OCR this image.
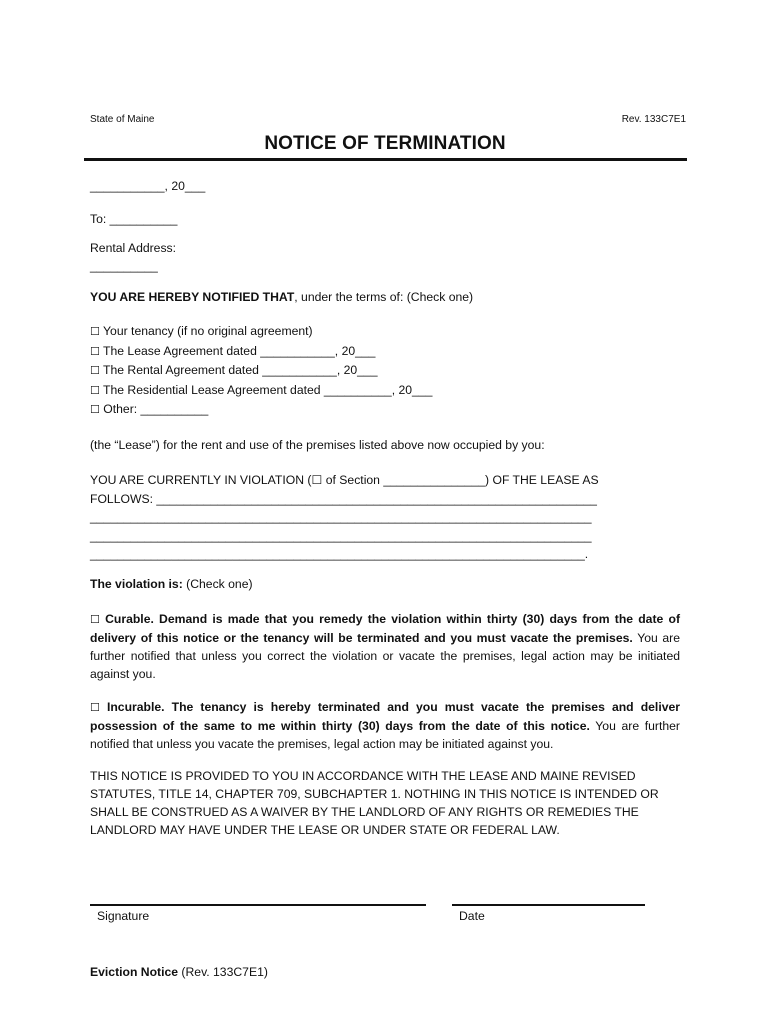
State of Maine	Rev. 133C7E1
NOTICE OF TERMINATION
___________, 20___
To: __________
Rental Address:
__________
YOU ARE HEREBY NOTIFIED THAT, under the terms of: (Check one)
☐ Your tenancy (if no original agreement)
☐ The Lease Agreement dated ___________, 20___
☐ The Rental Agreement dated ___________, 20___
☐ The Residential Lease Agreement dated __________, 20___
☐ Other: __________
(the “Lease”) for the rent and use of the premises listed above now occupied by you:
YOU ARE CURRENTLY IN VIOLATION (☐ of Section _______________) OF THE LEASE AS
FOLLOWS: _________________________________________________________________
__________________________________________________________________________
__________________________________________________________________________
_________________________________________________________________________.
The violation is: (Check one)
☐ Curable. Demand is made that you remedy the violation within thirty (30) days from the date of delivery of this notice or the tenancy will be terminated and you must vacate the premises. You are further notified that unless you correct the violation or vacate the premises, legal action may be initiated against you.
☐ Incurable. The tenancy is hereby terminated and you must vacate the premises and deliver possession of the same to me within thirty (30) days from the date of this notice. You are further notified that unless you vacate the premises, legal action may be initiated against you.
THIS NOTICE IS PROVIDED TO YOU IN ACCORDANCE WITH THE LEASE AND MAINE REVISED STATUTES, TITLE 14, CHAPTER 709, SUBCHAPTER 1. NOTHING IN THIS NOTICE IS INTENDED OR SHALL BE CONSTRUED AS A WAIVER BY THE LANDLORD OF ANY RIGHTS OR REMEDIES THE LANDLORD MAY HAVE UNDER THE LEASE OR UNDER STATE OR FEDERAL LAW.
Signature	Date
Eviction Notice (Rev. 133C7E1)
